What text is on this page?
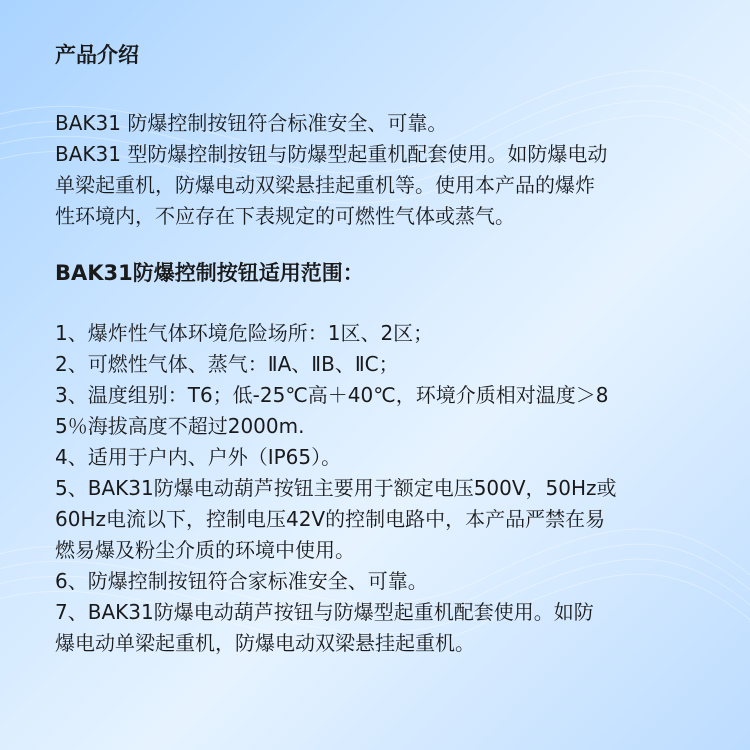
产品介绍

BAK31 防爆控制按钮符合标准安全、可靠。

BAK31 型防爆控制按钮与防爆型起重机配套使用。如防爆电动

单梁起重机，防爆电动双梁悬挂起重机等。使用本产品的爆炸

性环境内，不应存在下表规定的可燃性气体或蒸气。

BAK31防爆控制按钮适用范围：

1、爆炸性气体环境危险场所：1区、2区；

2、可燃性气体、蒸气：ⅡA、ⅡB、ⅡC；

3、温度组别：T6；低-25℃高＋40℃，环境介质相对温度＞8

5％海拔高度不超过2000m.

4、适用于户内、户外（IP65）。

5、BAK31防爆电动葫芦按钮主要用于额定电压500V，50Hz或

60Hz电流以下，控制电压42V的控制电路中，本产品严禁在易

燃易爆及粉尘介质的环境中使用。

6、防爆控制按钮符合家标准安全、可靠。

7、BAK31防爆电动葫芦按钮与防爆型起重机配套使用。如防

爆电动单梁起重机，防爆电动双梁悬挂起重机。
